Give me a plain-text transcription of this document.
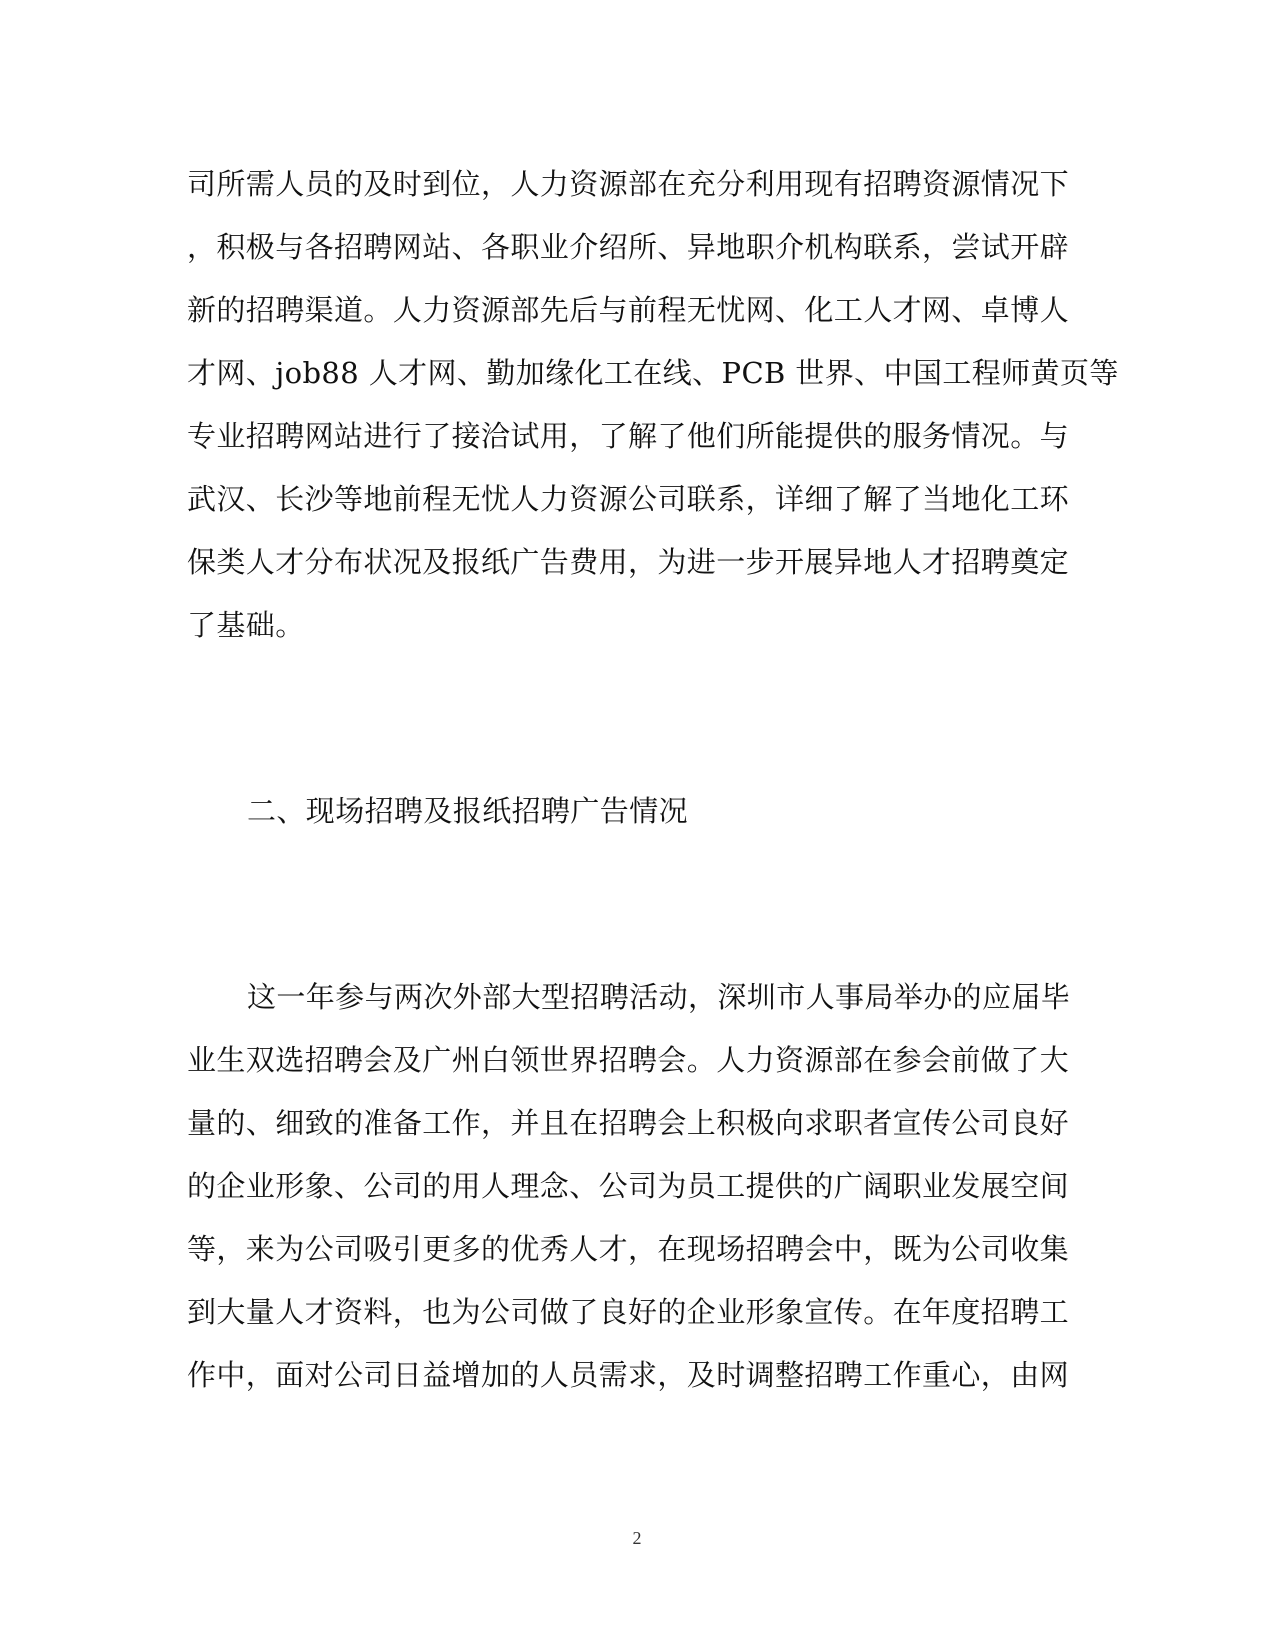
司所需人员的及时到位，人力资源部在充分利用现有招聘资源情况下
，积极与各招聘网站、各职业介绍所、异地职介机构联系，尝试开辟
新的招聘渠道。人力资源部先后与前程无忧网、化工人才网、卓博人
才网、job88 人才网、勤加缘化工在线、PCB 世界、中国工程师黄页等
专业招聘网站进行了接洽试用，了解了他们所能提供的服务情况。与
武汉、长沙等地前程无忧人力资源公司联系，详细了解了当地化工环
保类人才分布状况及报纸广告费用，为进一步开展异地人才招聘奠定
了基础。
二、现场招聘及报纸招聘广告情况
这一年参与两次外部大型招聘活动，深圳市人事局举办的应届毕
业生双选招聘会及广州白领世界招聘会。人力资源部在参会前做了大
量的、细致的准备工作，并且在招聘会上积极向求职者宣传公司良好
的企业形象、公司的用人理念、公司为员工提供的广阔职业发展空间
等，来为公司吸引更多的优秀人才，在现场招聘会中，既为公司收集
到大量人才资料，也为公司做了良好的企业形象宣传。在年度招聘工
作中，面对公司日益增加的人员需求，及时调整招聘工作重心，由网
2
